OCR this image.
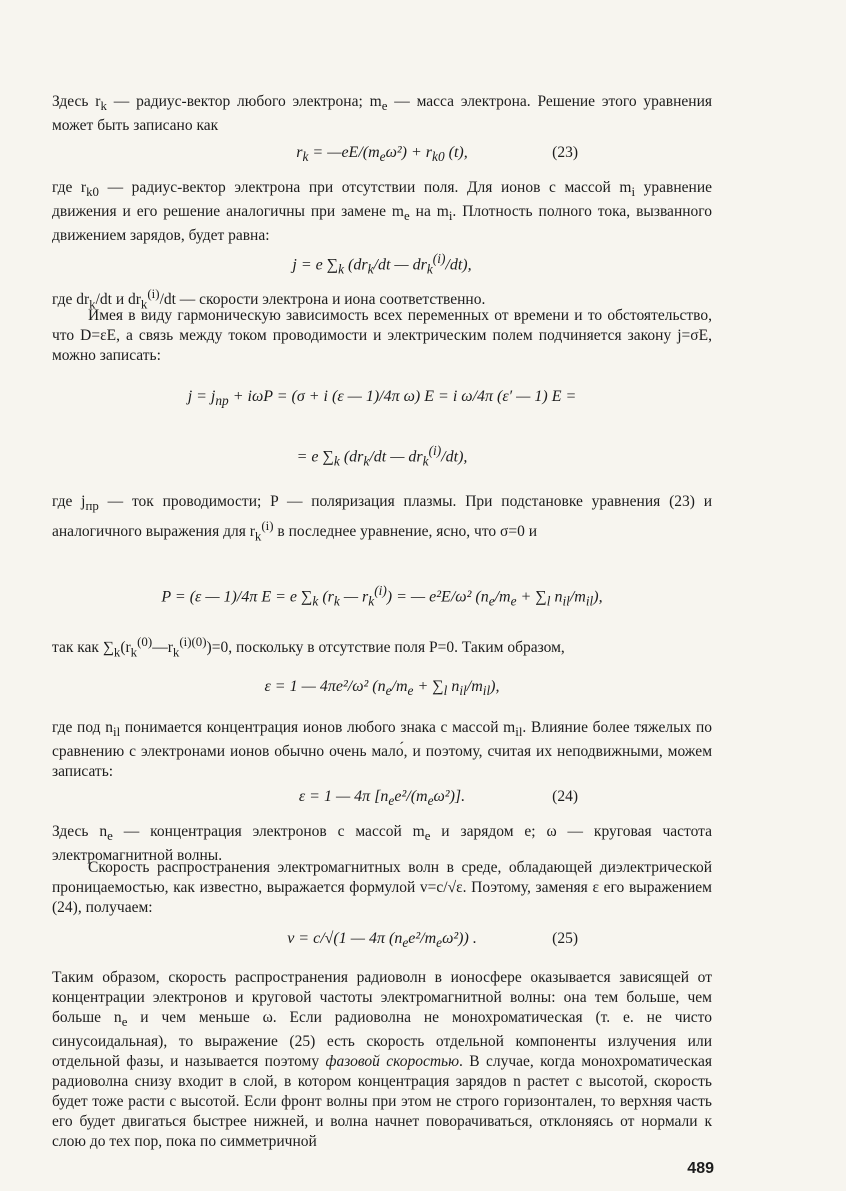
Здесь $r_k$ — радиус-вектор любого электрона; $m_e$ — масса электрона. Решение этого уравнения может быть записано как
$r_k$ = $—eE/(m_e\omega^2) + r_{k0}$ (t),	(23)
где $r_{k0}$ — радиус-вектор электрона при отсутствии поля. Для ионов с массой $m_i$ уравнение движения и его решение аналогичны при замене $m_e$ на $m_i$. Плотность полного тока, вызванного движением зарядов, будет равна:
j = e $\sum_k$ ($dr_k/dt$ — $dr_k^{(i)}/dt$),
где $dr_k/dt$ и $dr_k^{(i)}/dt$ — скорости электрона и иона соответственно.
Имея в виду гармоническую зависимость всех переменных от времени и то обстоятельство, что D=εE, а связь между током проводимости и электрическим полем подчиняется закону j=σE, можно записать:
$j = j_{пр} + i\omega P = (\sigma + i$ (ε — 1)/4π ω) E = i ω/4π (ε′ — 1) E =
= e $\sum_k$ ($dr_k/dt$ — $dr_k^{(i)}/dt$),
где $j_{пр}$ — ток проводимости; P — поляризация плазмы. При подстановке уравнения (23) и аналогичного выражения для $r_k^{(i)}$ в последнее уравнение, ясно, что σ=0 и
P = (ε — 1)/4π E = e $\sum_k$ ($r_k$ — $r_k^{(i)}$) = — e²E/ω² ($n_e/m_e + \sum_l$ $n_{il}/m_{il}$),
так как $\sum_k(r_k^{(0)}—r_k^{(i)(0)})=0$, поскольку в отсутствие поля P=0. Таким образом,
ε = 1 — 4πe²/ω² ($n_e/m_e + \sum_l$ $n_{il}/m_{il}$),
где под $n_{il}$ понимается концентрация ионов любого знака с массой $m_{il}$. Влияние более тяжелых по сравнению с электронами ионов обычно очень мало́, и поэтому, считая их неподвижными, можем записать:
ε = 1 — 4π $[n_ee^2/(m_e\omega^2)]$.	(24)
Здесь $n_e$ — концентрация электронов с массой $m_e$ и зарядом e; ω — круговая частота электромагнитной волны.
Скорость распространения электромагнитных волн в среде, обладающей диэлектрической проницаемостью, как известно, выражается формулой v=c/√ε. Поэтому, заменяя ε его выражением (24), получаем:
v = c/√(1 — 4π $(n_ee^2/m_e\omega^2)$) .	(25)
Таким образом, скорость распространения радиоволн в ионосфере оказывается зависящей от концентрации электронов и круговой частоты электромагнитной волны: она тем больше, чем больше $n_e$ и чем меньше ω. Если радиоволна не монохроматическая (т. е. не чисто синусоидальная), то выражение (25) есть скорость отдельной компоненты излучения или отдельной фазы, и называется поэтому фазовой скоростью. В случае, когда монохроматическая радиоволна снизу входит в слой, в котором концентрация зарядов n растет с высотой, скорость будет тоже расти с высотой. Если фронт волны при этом не строго горизонтален, то верхняя часть его будет двигаться быстрее нижней, и волна начнет поворачиваться, отклоняясь от нормали к слою до тех пор, пока по симметричной
489
